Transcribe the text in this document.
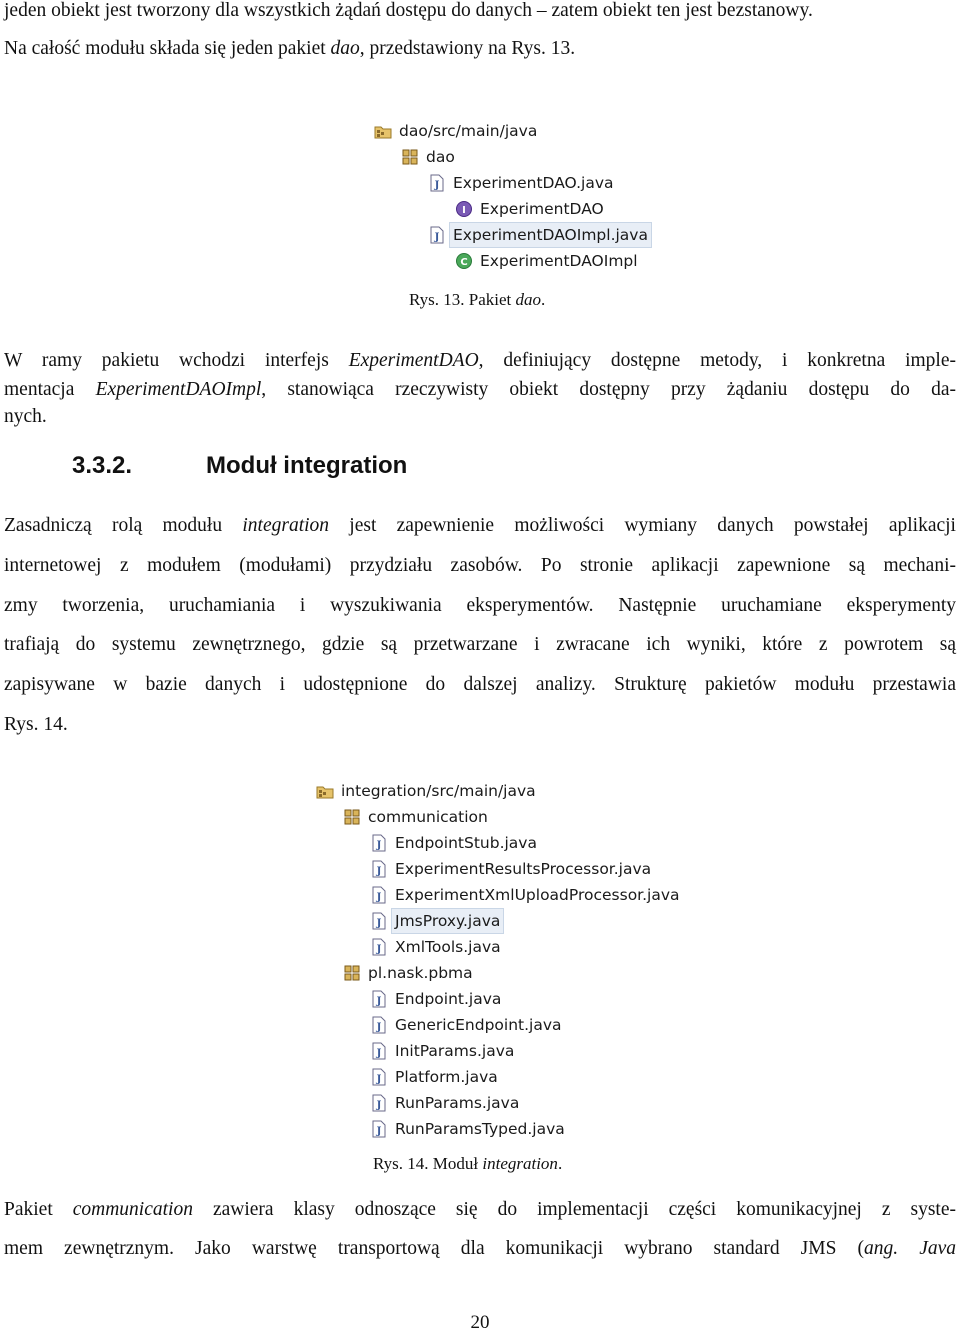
jeden obiekt jest tworzony dla wszystkich żądań dostępu do danych – zatem obiekt ten jest bezstanowy.
Na całość modułu składa się jeden pakiet dao, przedstawiony na Rys. 13.
dao/src/main/java
dao
J ExperimentDAO.java
I ExperimentDAO
J ExperimentDAOImpl.java
C ExperimentDAOImpl
Rys. 13. Pakiet dao.
W ramy pakietu wchodzi interfejs ExperimentDAO, definiujący dostępne metody, i konkretna imple-
mentacja ExperimentDAOImpl, stanowiąca rzeczywisty obiekt dostępny przy żądaniu dostępu do da-
nych.
3.3.2.	Moduł integration
Zasadniczą rolą modułu integration jest zapewnienie możliwości wymiany danych powstałej aplikacji
internetowej z modułem (modułami) przydziału zasobów. Po stronie aplikacji zapewnione są mechani-
zmy tworzenia, uruchamiania i wyszukiwania eksperymentów. Następnie uruchamiane eksperymenty
trafiają do systemu zewnętrznego, gdzie są przetwarzane i zwracane ich wyniki, które z powrotem są
zapisywane w bazie danych i udostępnione do dalszej analizy. Strukturę pakietów modułu przestawia
Rys. 14.
integration/src/main/java
communication
J EndpointStub.java
J ExperimentResultsProcessor.java
J ExperimentXmlUploadProcessor.java
J JmsProxy.java
J XmlTools.java
pl.nask.pbma
J Endpoint.java
J GenericEndpoint.java
J InitParams.java
J Platform.java
J RunParams.java
J RunParamsTyped.java
Rys. 14. Moduł integration.
Pakiet communication zawiera klasy odnoszące się do implementacji części komunikacyjnej z syste-
mem zewnętrznym. Jako warstwę transportową dla komunikacji wybrano standard JMS (ang. Java
20
